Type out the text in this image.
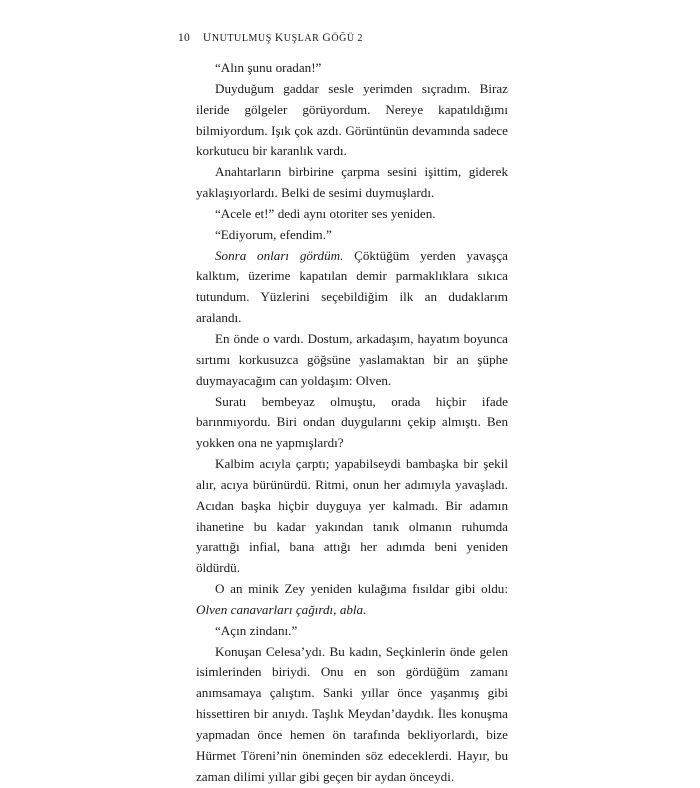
10 UNUTULMUŞ KUŞLAR GÖĞÜ 2

“Alın şunu oradan!”

Duyduğum gaddar sesle yerimden sıçradım. Biraz ileride gölgeler görüyordum. Nereye kapatıldığımı bilmiyordum. Işık çok azdı. Görüntünün devamında sadece korkutucu bir karanlık vardı.

Anahtarların birbirine çarpma sesini işittim, giderek yaklaşıyorlardı. Belki de sesimi duymuşlardı.

“Acele et!” dedi aynı otoriter ses yeniden.

“Ediyorum, efendim.”

Sonra onları gördüm. Çöktüğüm yerden yavaşça kalktım, üzerime kapatılan demir parmaklıklara sıkıca tutundum. Yüzlerini seçebildiğim ilk an dudaklarım aralandı.

En önde o vardı. Dostum, arkadaşım, hayatım boyunca sırtımı korkusuzca göğsüne yaslamaktan bir an şüphe duymayacağım can yoldaşım: Olven.

Suratı bembeyaz olmuştu, orada hiçbir ifade barınmıyordu. Biri ondan duygularını çekip almıştı. Ben yokken ona ne yapmışlardı?

Kalbim acıyla çarptı; yapabilseydi bambaşka bir şekil alır, acıya bürünürdü. Ritmi, onun her adımıyla yavaşladı. Acıdan başka hiçbir duyguya yer kalmadı. Bir adamın ihanetine bu kadar yakından tanık olmanın ruhumda yarattığı infial, bana attığı her adımda beni yeniden öldürdü.

O an minik Zey yeniden kulağıma fısıldar gibi oldu: Olven canavarları çağırdı, abla.

“Açın zindanı.”

Konuşan Celesa’ydı. Bu kadın, Seçkinlerin önde gelen isimlerinden biriydi. Onu en son gördüğüm zamanı anımsamaya çalıştım. Sanki yıllar önce yaşanmış gibi hissettiren bir anıydı. Taşlık Meydan’daydık. İles konuşma yapmadan önce hemen ön tarafında bekliyorlardı, bize Hürmet Töreni’nin öneminden söz edeceklerdi. Hayır, bu zaman dilimi yıllar gibi geçen bir aydan önceydi.
